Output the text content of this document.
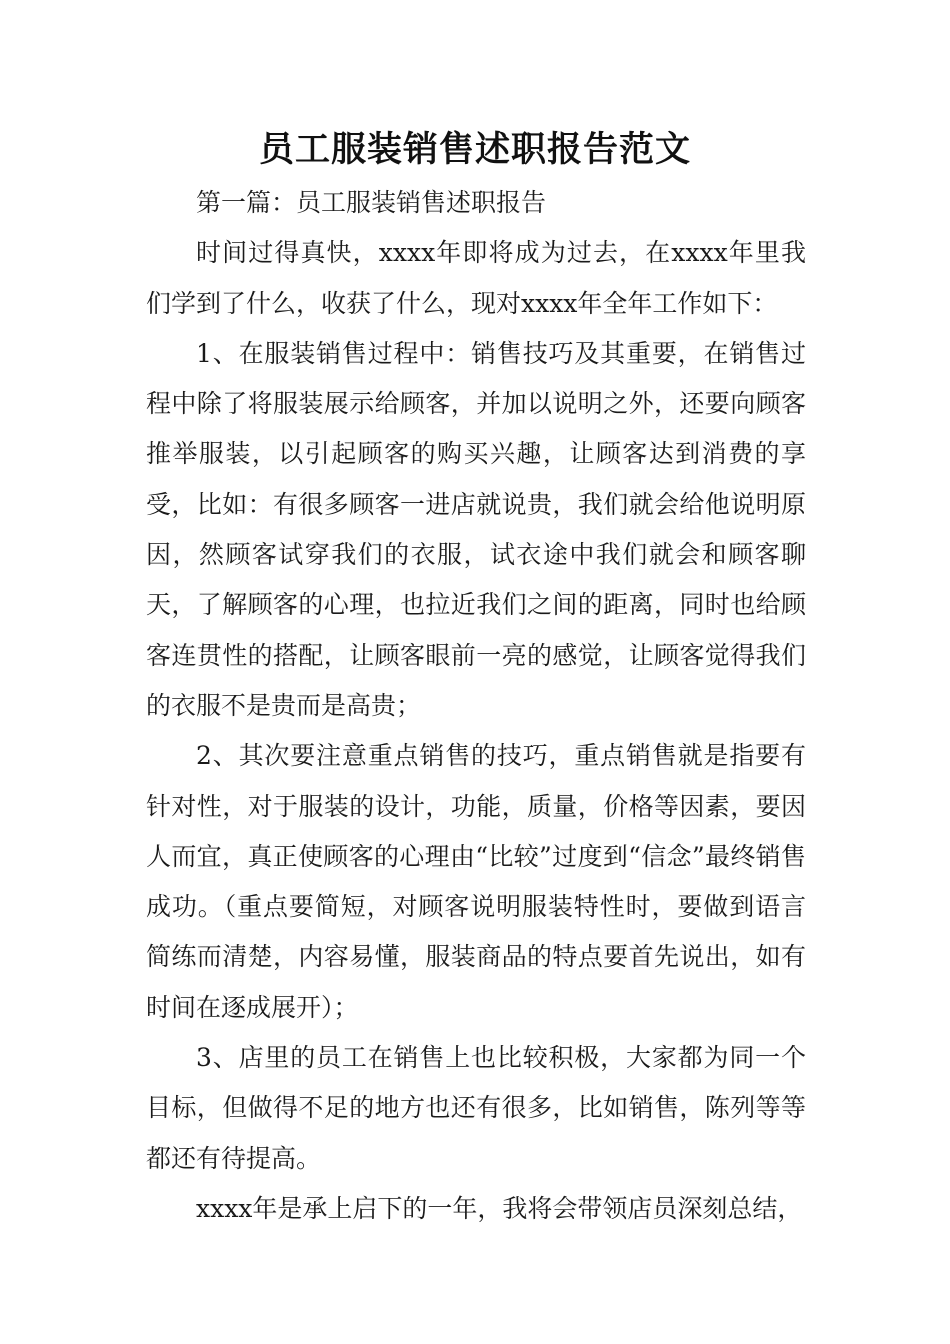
员工服装销售述职报告范文

第一篇：员工服装销售述职报告

时间过得真快，xxxx年即将成为过去，在xxxx年里我们学到了什么，收获了什么，现对xxxx年全年工作如下：

1、在服装销售过程中：销售技巧及其重要，在销售过程中除了将服装展示给顾客，并加以说明之外，还要向顾客推举服装，以引起顾客的购买兴趣，让顾客达到消费的享受，比如：有很多顾客一进店就说贵，我们就会给他说明原因，然顾客试穿我们的衣服，试衣途中我们就会和顾客聊天，了解顾客的心理，也拉近我们之间的距离，同时也给顾客连贯性的搭配，让顾客眼前一亮的感觉，让顾客觉得我们的衣服不是贵而是高贵；

2、其次要注意重点销售的技巧，重点销售就是指要有针对性，对于服装的设计，功能，质量，价格等因素，要因人而宜，真正使顾客的心理由“比较”过度到“信念”最终销售成功。（重点要简短，对顾客说明服装特性时，要做到语言简练而清楚，内容易懂，服装商品的特点要首先说出，如有时间在逐成展开）；

3、店里的员工在销售上也比较积极，大家都为同一个目标，但做得不足的地方也还有很多，比如销售，陈列等等都还有待提高。

xxxx年是承上启下的一年，我将会带领店员深刻总结，
